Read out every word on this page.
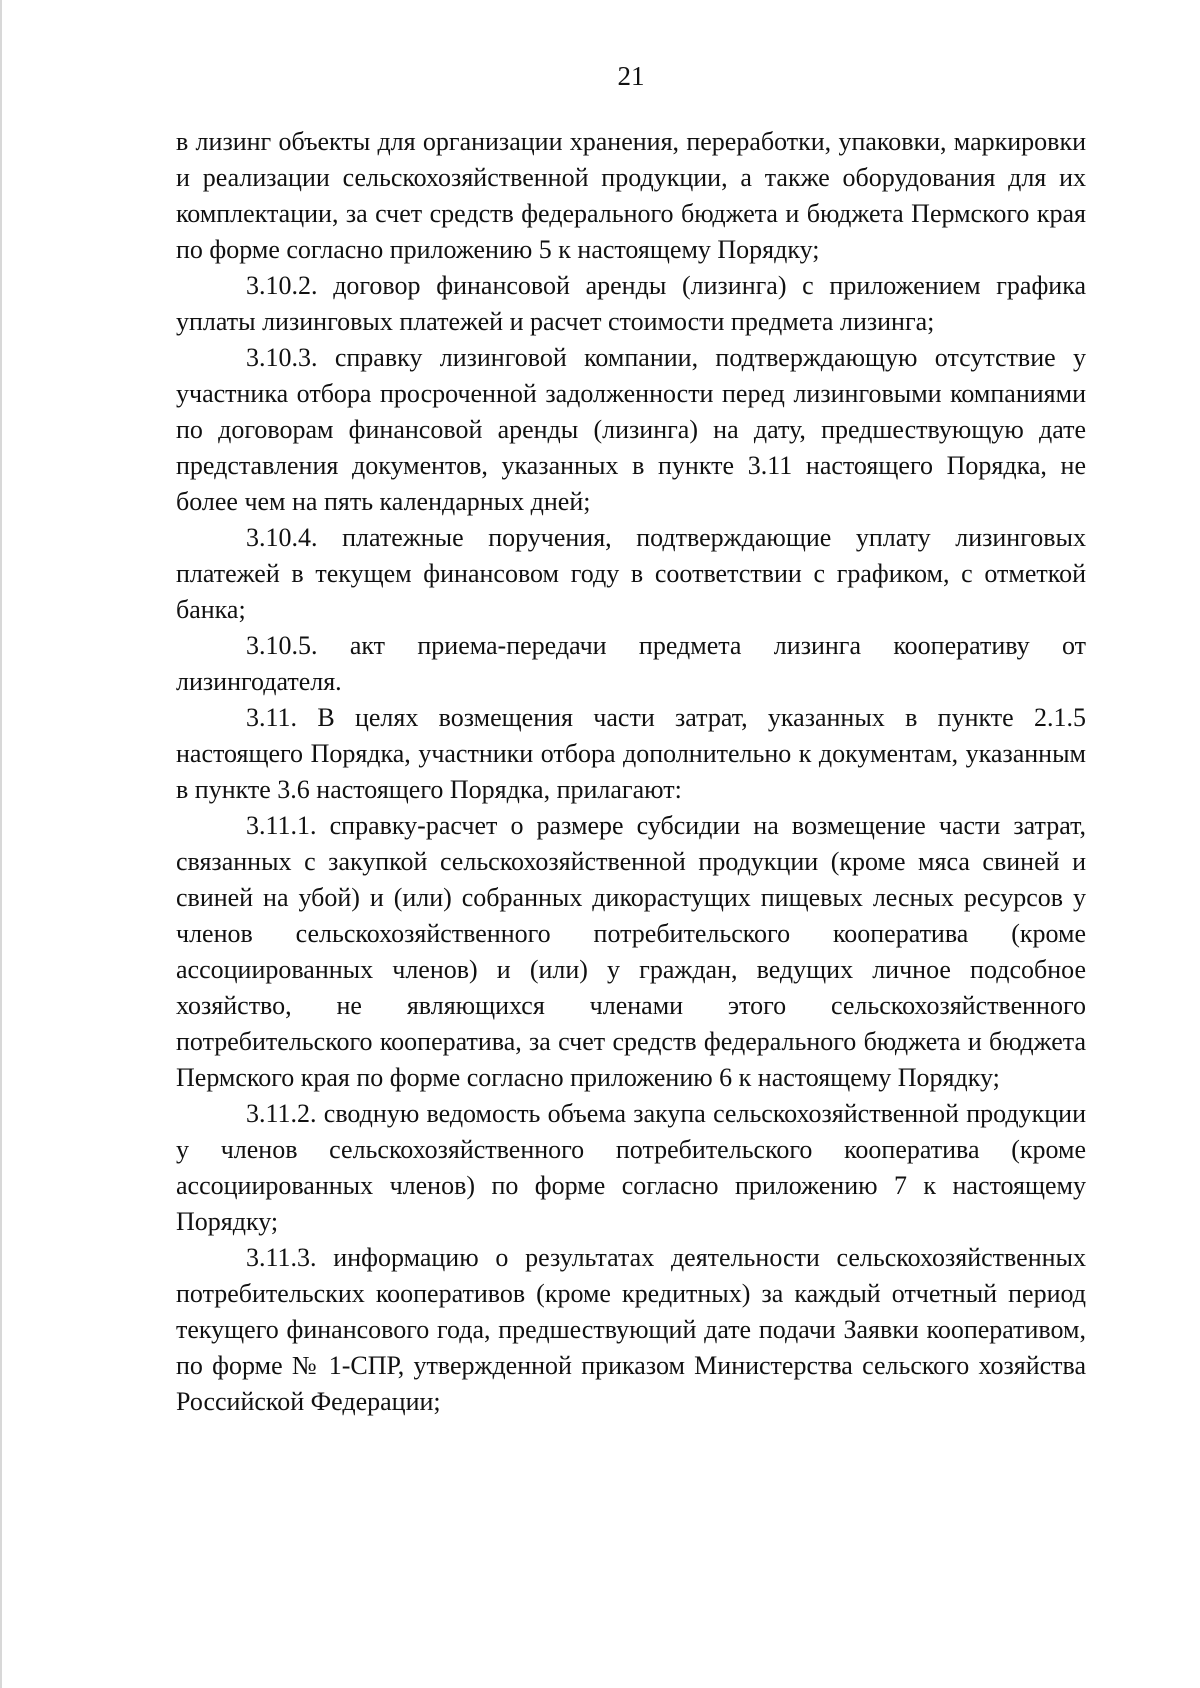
21

в лизинг объекты для организации хранения, переработки, упаковки, маркировки и реализации сельскохозяйственной продукции, а также оборудования для их комплектации, за счет средств федерального бюджета и бюджета Пермского края по форме согласно приложению 5 к настоящему Порядку;

3.10.2. договор финансовой аренды (лизинга) с приложением графика уплаты лизинговых платежей и расчет стоимости предмета лизинга;

3.10.3. справку лизинговой компании, подтверждающую отсутствие у участника отбора просроченной задолженности перед лизинговыми компаниями по договорам финансовой аренды (лизинга) на дату, предшествующую дате представления документов, указанных в пункте 3.11 настоящего Порядка, не более чем на пять календарных дней;

3.10.4. платежные поручения, подтверждающие уплату лизинговых платежей в текущем финансовом году в соответствии с графиком, с отметкой банка;

3.10.5. акт приема-передачи предмета лизинга кооперативу от лизингодателя.

3.11. В целях возмещения части затрат, указанных в пункте 2.1.5 настоящего Порядка, участники отбора дополнительно к документам, указанным в пункте 3.6 настоящего Порядка, прилагают:

3.11.1. справку-расчет о размере субсидии на возмещение части затрат, связанных с закупкой сельскохозяйственной продукции (кроме мяса свиней и свиней на убой) и (или) собранных дикорастущих пищевых лесных ресурсов у членов сельскохозяйственного потребительского кооператива (кроме ассоциированных членов) и (или) у граждан, ведущих личное подсобное хозяйство, не являющихся членами этого сельскохозяйственного потребительского кооператива, за счет средств федерального бюджета и бюджета Пермского края по форме согласно приложению 6 к настоящему Порядку;

3.11.2. сводную ведомость объема закупа сельскохозяйственной продукции у членов сельскохозяйственного потребительского кооператива (кроме ассоциированных членов) по форме согласно приложению 7 к настоящему Порядку;

3.11.3. информацию о результатах деятельности сельскохозяйственных потребительских кооперативов (кроме кредитных) за каждый отчетный период текущего финансового года, предшествующий дате подачи Заявки кооперативом, по форме № 1-СПР, утвержденной приказом Министерства сельского хозяйства Российской Федерации;
